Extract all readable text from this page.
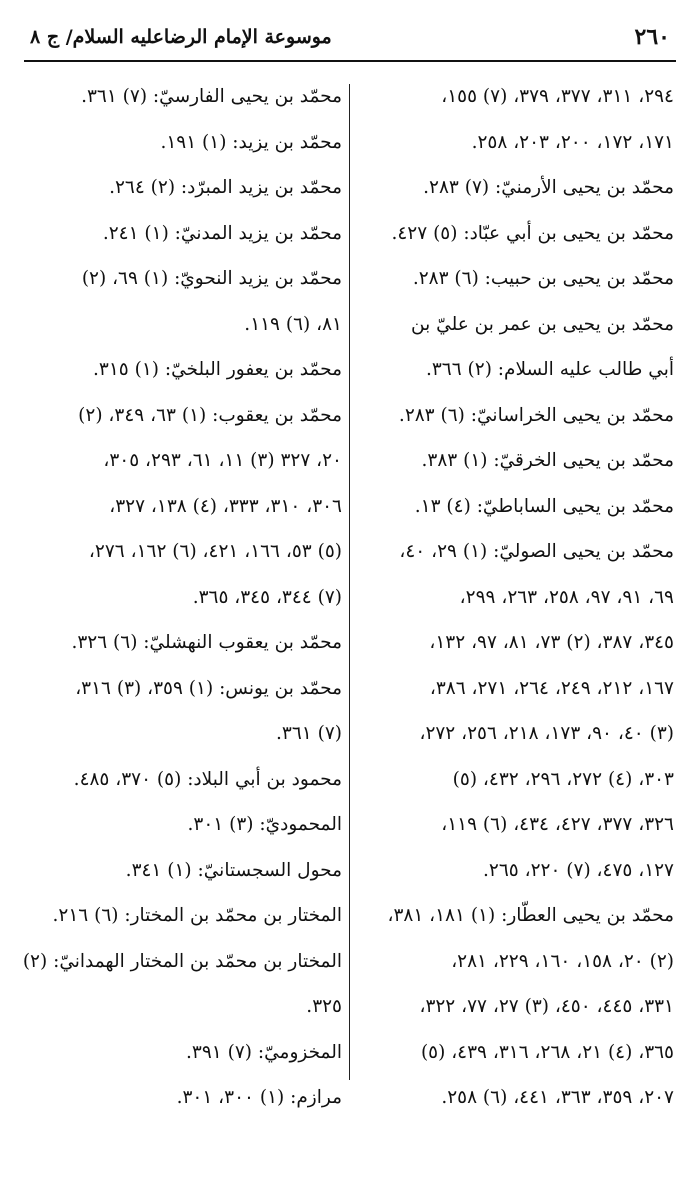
٢٦٠
موسوعة الإمام الرضاعليه السلام/ ج ٨
٢٩٤، ٣١١، ٣٧٧، ٣٧٩، (٧) ١٥٥،
١٧١، ١٧٢، ٢٠٠، ٢٠٣، ٢٥٨.
محمّد بن يحيى الأرمنيّ: (٧) ٢٨٣.
محمّد بن يحيى بن أبي عبّاد: (٥) ٤٢٧.
محمّد بن يحيى بن حبيب: (٦) ٢٨٣.
محمّد بن يحيى بن عمر بن عليّ بن
أبي طالب عليه السلام: (٢) ٣٦٦.
محمّد بن يحيى الخراسانيّ: (٦) ٢٨٣.
محمّد بن يحيى الخرقيّ: (١) ٣٨٣.
محمّد بن يحيى الساباطيّ: (٤) ١٣.
محمّد بن يحيى الصوليّ: (١) ٢٩، ٤٠،
٦٩، ٩١، ٩٧، ٢٥٨، ٢٦٣، ٢٩٩،
٣٤٥، ٣٨٧، (٢) ٧٣، ٨١، ٩٧، ١٣٢،
١٦٧، ٢١٢، ٢٤٩، ٢٦٤، ٢٧١، ٣٨٦،
(٣) ٤٠، ٩٠، ١٧٣، ٢١٨، ٢٥٦، ٢٧٢،
٣٠٣، (٤) ٢٧٢، ٢٩٦، ٤٣٢، (٥)
٣٢٦، ٣٧٧، ٤٢٧، ٤٣٤، (٦) ١١٩،
١٢٧، ٤٧٥، (٧) ٢٢٠، ٢٦٥.
محمّد بن يحيى العطّار: (١) ١٨١، ٣٨١،
(٢) ٢٠، ١٥٨، ١٦٠، ٢٢٩، ٢٨١،
٣٣١، ٤٤٥، ٤٥٠، (٣) ٢٧، ٧٧، ٣٢٢،
٣٦٥، (٤) ٢١، ٢٦٨، ٣١٦، ٤٣٩، (٥)
٢٠٧، ٣٥٩، ٣٦٣، ٤٤١، (٦) ٢٥٨.
محمّد بن يحيى الفارسيّ: (٧) ٣٦١.
محمّد بن يزيد: (١) ١٩١.
محمّد بن يزيد المبرّد: (٢) ٢٦٤.
محمّد بن يزيد المدنيّ: (١) ٢٤١.
محمّد بن يزيد النحويّ: (١) ٦٩، (٢)
٨١، (٦) ١١٩.
محمّد بن يعفور البلخيّ: (١) ٣١٥.
محمّد بن يعقوب: (١) ٦٣، ٣٤٩، (٢)
٢٠، ٣٢٧ (٣) ١١، ٦١، ٢٩٣، ٣٠٥،
٣٠٦، ٣١٠، ٣٣٣، (٤) ١٣٨، ٣٢٧،
(٥) ٥٣، ١٦٦، ٤٢١، (٦) ١٦٢، ٢٧٦،
(٧) ٣٤٤، ٣٤٥، ٣٦٥.
محمّد بن يعقوب النهشليّ: (٦) ٣٢٦.
محمّد بن يونس: (١) ٣٥٩، (٣) ٣١٦،
(٧) ٣٦١.
محمود بن أبي البلاد: (٥) ٣٧٠، ٤٨٥.
المحموديّ: (٣) ٣٠١.
محول السجستانيّ: (١) ٣٤١.
المختار بن محمّد بن المختار: (٦) ٢١٦.
المختار بن محمّد بن المختار الهمدانيّ: (٢)
٣٢٥.
المخزوميّ: (٧) ٣٩١.
مرازم: (١) ٣٠٠، ٣٠١.
